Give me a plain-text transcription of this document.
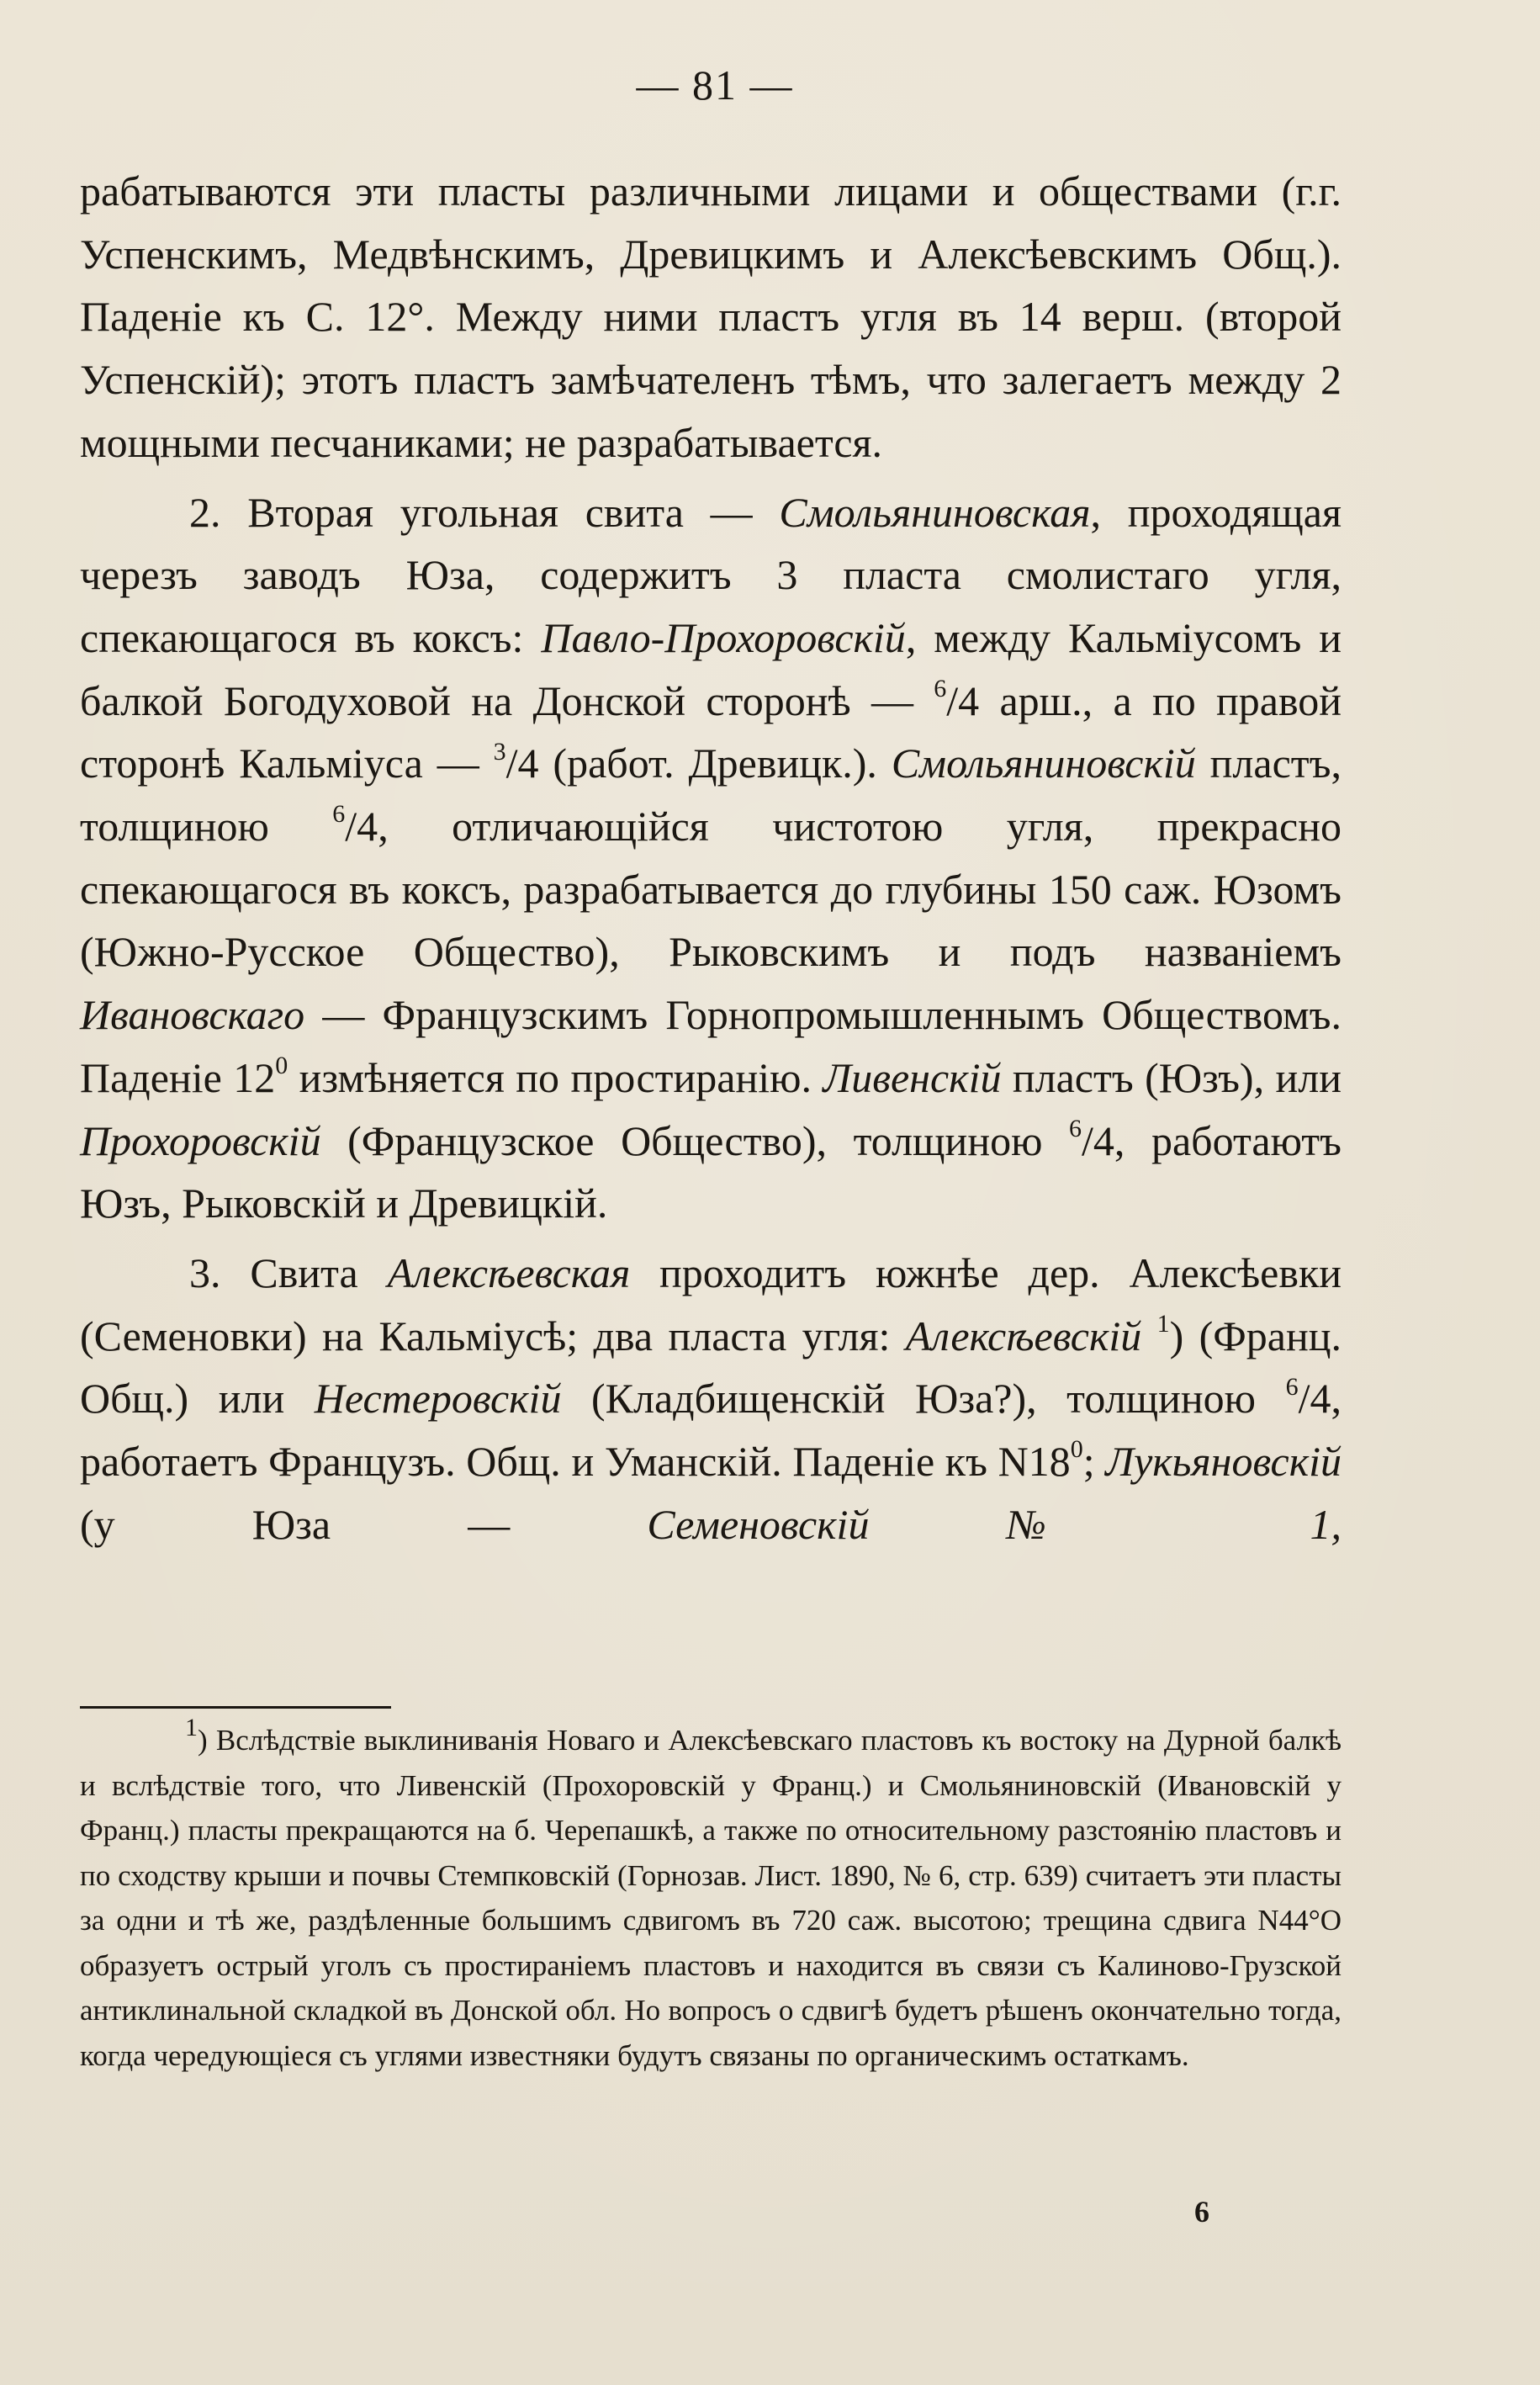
— 81 —

рабатываются эти пласты различными лицами и обществами (г.г. Успенскимъ, Медвѣнскимъ, Древицкимъ и Алексѣевскимъ Общ.). Паденіе къ С. 12°. Между ними пластъ угля въ 14 верш. (второй Успенскій); этотъ пластъ замѣчателенъ тѣмъ, что залегаетъ между 2 мощными песчаниками; не разрабатывается.

2. Вторая угольная свита — Смольяниновская, проходящая черезъ заводъ Юза, содержитъ 3 пласта смолистаго угля, спекающагося въ коксъ: Павло-Прохоровскій, между Кальміусомъ и балкой Богодуховой на Донской сторонѣ — $^6$/4 арш., а по правой сторонѣ Кальміуса — $^3$/4 (работ. Древицк.). Смольяниновскій пластъ, толщиною $^6$/4, отличающійся чистотою угля, прекрасно спекающагося въ коксъ, разрабатывается до глубины 150 саж. Юзомъ (Южно-Русское Общество), Рыковскимъ и подъ названіемъ Ивановскаго — Французскимъ Горнопромышленнымъ Обществомъ. Паденіе $12^0$ измѣняется по простиранію. Ливенскій пластъ (Юзъ), или Прохоровскій (Французское Общество), толщиною $^6$/4, работаютъ Юзъ, Рыковскій и Древицкій.

3. Свита Алексѣевская проходитъ южнѣе дер. Алексѣевки (Семеновки) на Кальміусѣ; два пласта угля: Алексѣевскій $^1$) (Франц. Общ.) или Нестеровскій (Кладбищенскій Юза?), толщиною $^6$/4, работаетъ Французъ. Общ. и Уманскій. Паденіе къ $N18^0$; Лукьяновскій (у Юза — Семеновскій № 1,

$^1$) Вслѣдствіе выклиниванія Новаго и Алексѣевскаго пластовъ къ востоку на Дурной балкѣ и вслѣдствіе того, что Ливенскій (Прохоровскій у Франц.) и Смольяниновскій (Ивановскій у Франц.) пласты прекращаются на б. Черепашкѣ, а также по относительному разстоянію пластовъ и по сходству крыши и почвы Стемпковскій (Горнозав. Лист. 1890, № 6, стр. 639) считаетъ эти пласты за одни и тѣ же, раздѣленные большимъ сдвигомъ въ 720 саж. высотою; трещина сдвига N44°O образуетъ острый уголъ съ простираніемъ пластовъ и находится въ связи съ Калиново-Грузской антиклинальной складкой въ Донской обл. Но вопросъ о сдвигѣ будетъ рѣшенъ окончательно тогда, когда чередующіеся съ углями известняки будутъ связаны по органическимъ остаткамъ.

6
